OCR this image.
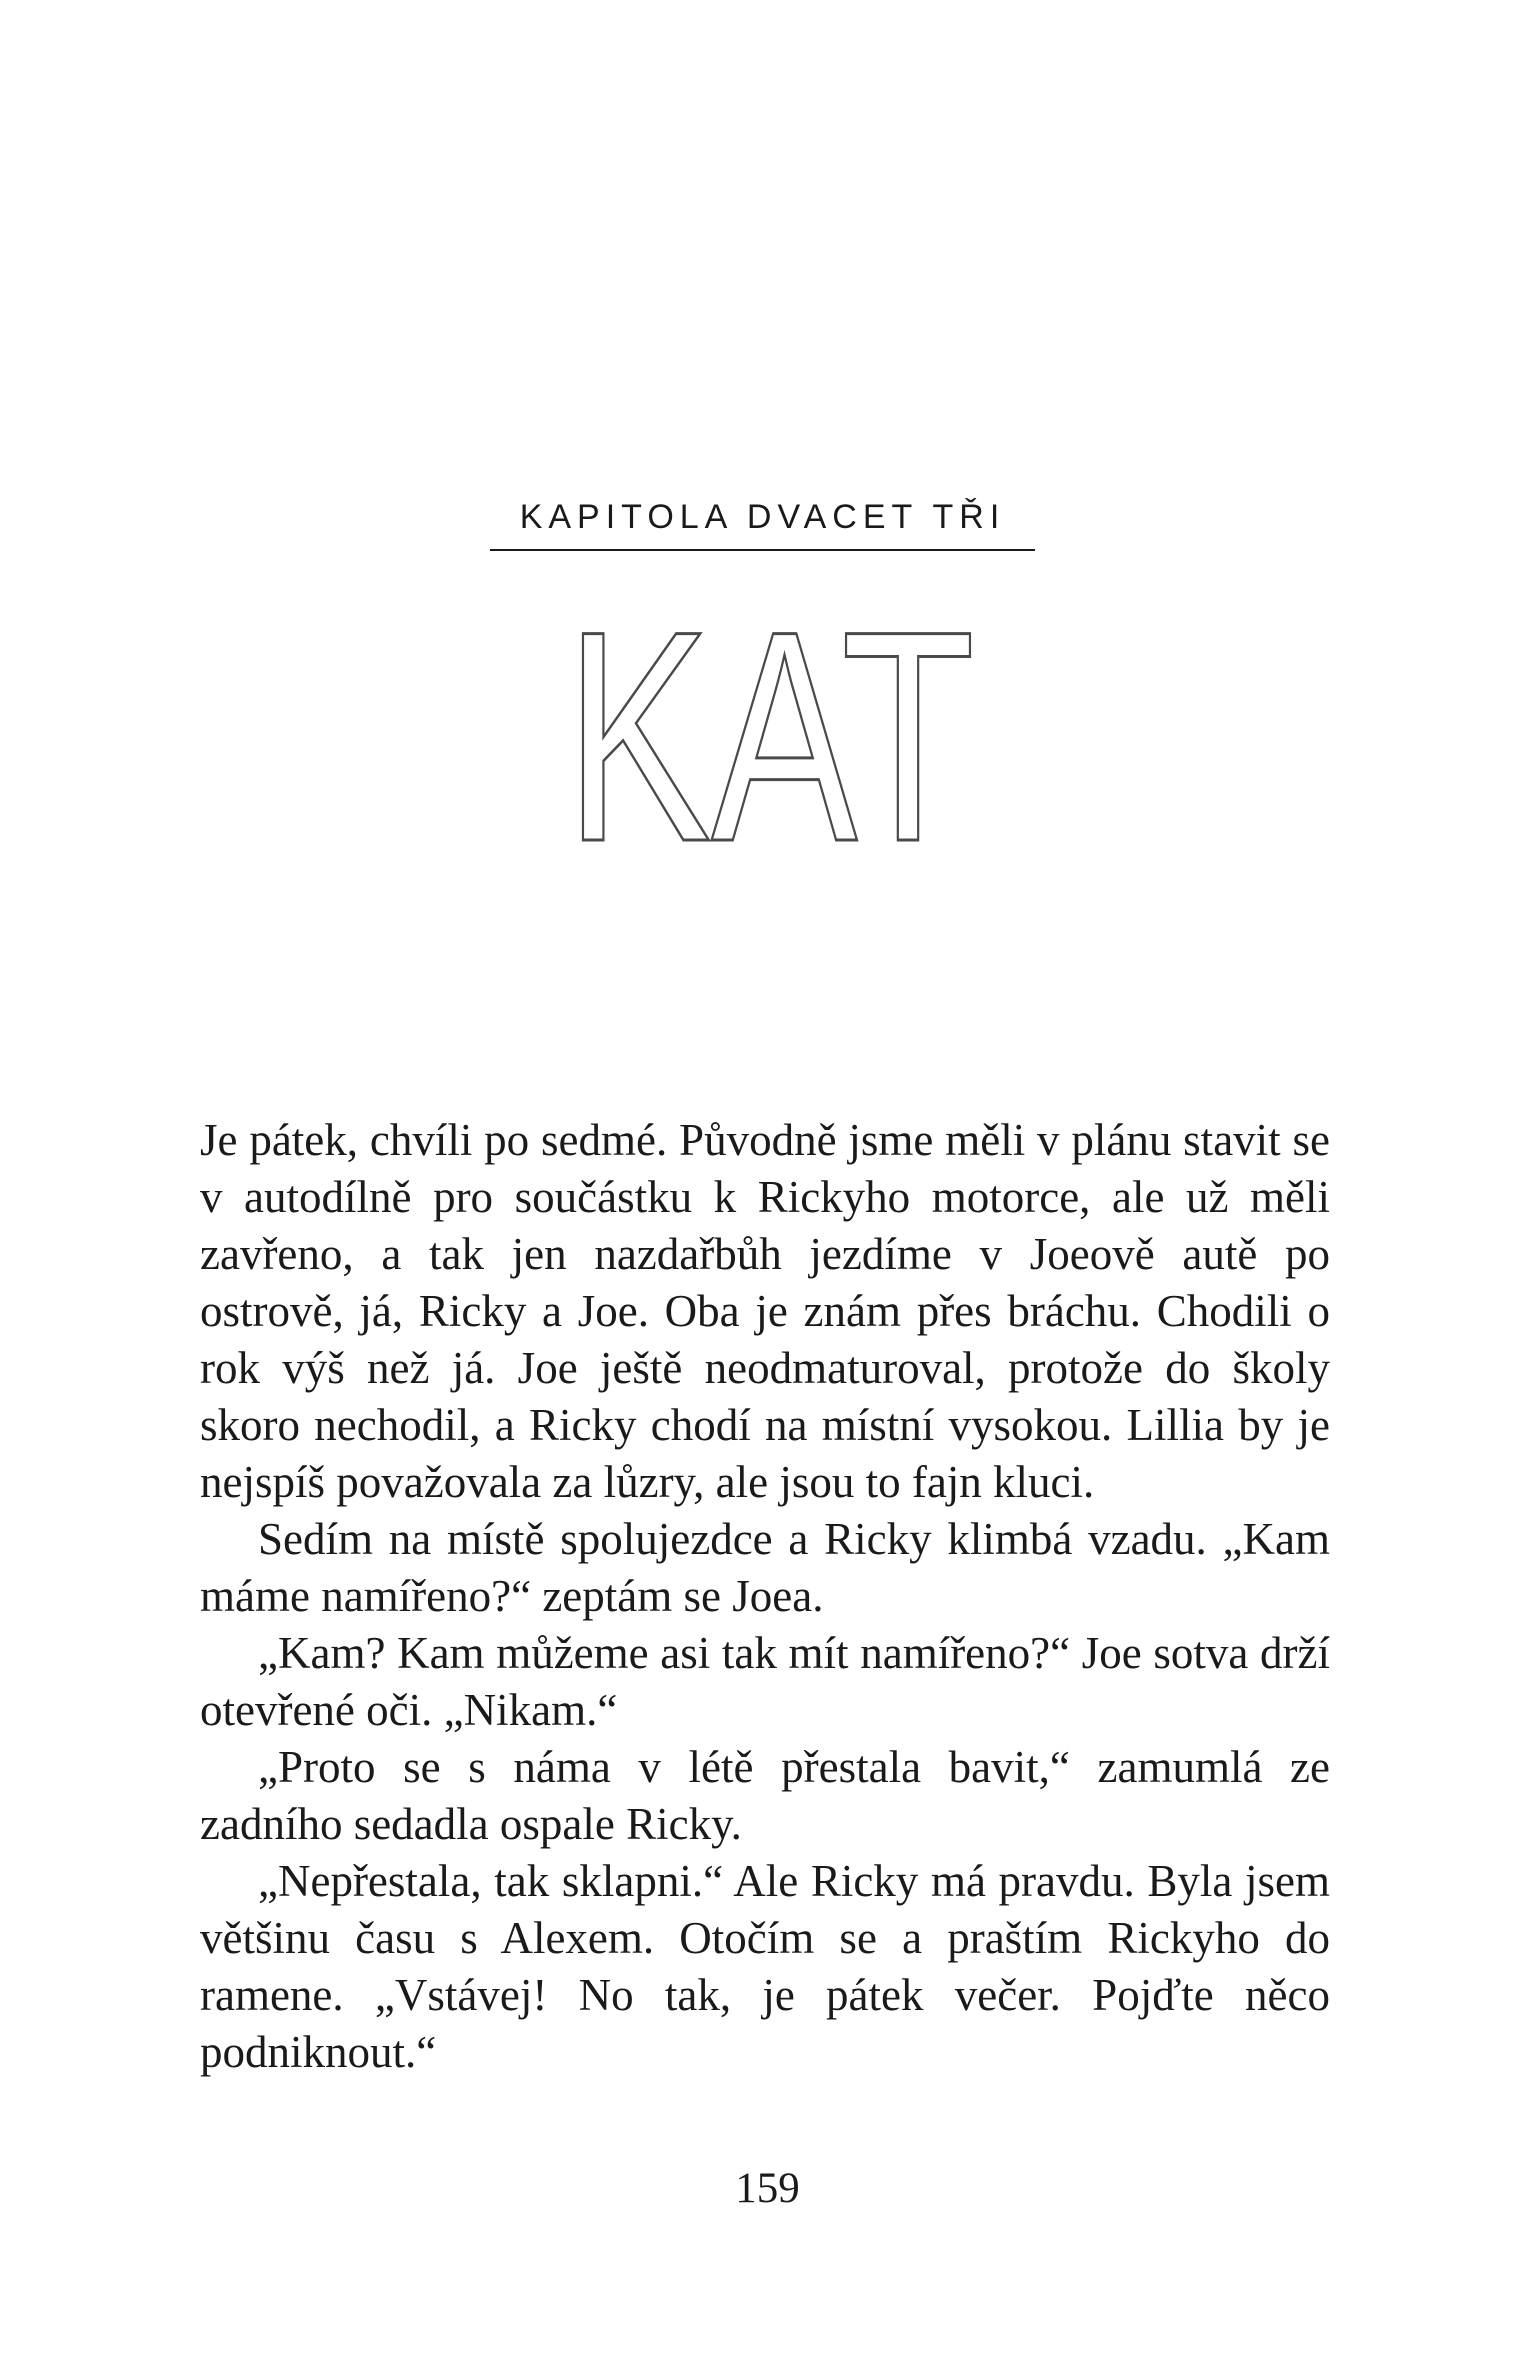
KAPITOLA DVACET TŘI
KAT

Je pátek, chvíli po sedmé. Původně jsme měli v plánu stavit se v autodílně pro součástku k Rickyho motorce, ale už měli zavřeno, a tak jen nazdařbůh jezdíme v Joeově autě po ostrově, já, Ricky a Joe. Oba je znám přes bráchu. Chodili o rok výš než já. Joe ještě neodmaturoval, protože do školy skoro nechodil, a Ricky chodí na místní vysokou. Lillia by je nejspíš považovala za lůzry, ale jsou to fajn kluci.

Sedím na místě spolujezdce a Ricky klimbá vzadu. „Kam máme namířeno?“ zeptám se Joea.

„Kam? Kam můžeme asi tak mít namířeno?“ Joe sotva drží otevřené oči. „Nikam.“

„Proto se s náma v létě přestala bavit,“ zamumlá ze zadního sedadla ospale Ricky.

„Nepřestala, tak sklapni.“ Ale Ricky má pravdu. Byla jsem většinu času s Alexem. Otočím se a praštím Rickyho do ramene. „Vstávej! No tak, je pátek večer. Pojďte něco podniknout.“

159
